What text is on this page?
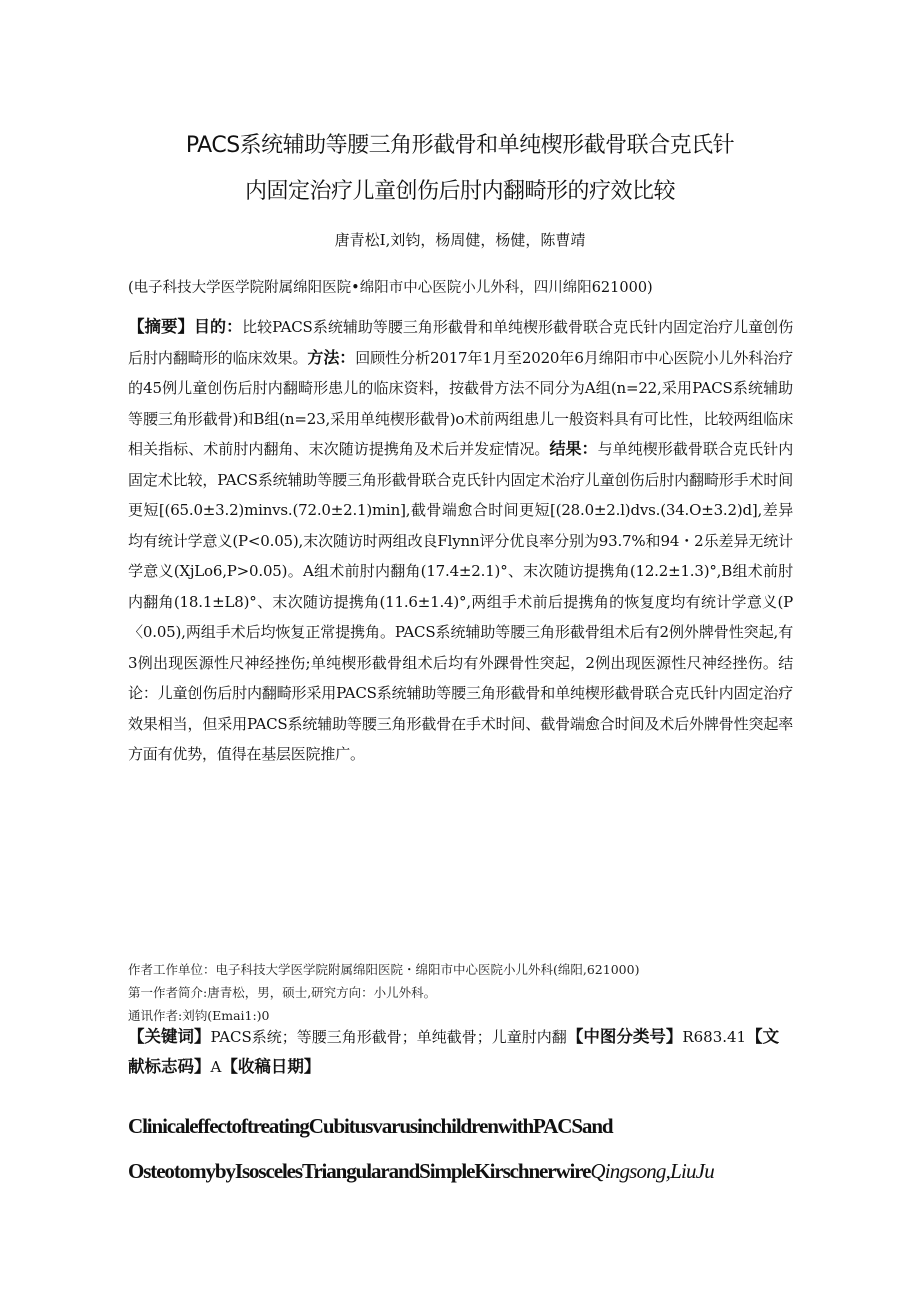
PACS系统辅助等腰三角形截骨和单纯楔形截骨联合克氏针
内固定治疗儿童创伤后肘内翻畸形的疗效比较
唐青松I,刘钧，杨周健，杨健，陈曹靖
(电子科技大学医学院附属绵阳医院•绵阳市中心医院小儿外科，四川绵阳621000)
【摘要】目的：比较PACS系统辅助等腰三角形截骨和单纯楔形截骨联合克氏针内固定治疗儿童创伤后肘内翻畸形的临床效果。方法：回顾性分析2017年1月至2020年6月绵阳市中心医院小儿外科治疗的45例儿童创伤后肘内翻畸形患儿的临床资料，按截骨方法不同分为A组(n=22,采用PACS系统辅助等腰三角形截骨)和B组(n=23,采用单纯楔形截骨)o术前两组患儿一般资料具有可比性，比较两组临床相关指标、术前肘内翻角、末次随访提携角及术后并发症情况。结果：与单纯楔形截骨联合克氏针内固定术比较，PACS系统辅助等腰三角形截骨联合克氏针内固定术治疗儿童创伤后肘内翻畸形手术时间更短[(65.0±3.2)minvs.(72.0±2.1)min],截骨端愈合时间更短[(28.0±2.l)dvs.(34.O±3.2)d],差异均有统计学意义(P<0.05),末次随访时两组改良Flynn评分优良率分别为93.7%和94・2乐差异无统计学意义(XjLo6,P>0.05)。A组术前肘内翻角(17.4±2.1)°、末次随访提携角(12.2±1.3)°,B组术前肘内翻角(18.1±L8)°、末次随访提携角(11.6±1.4)°,两组手术前后提携角的恢复度均有统计学意义(P〈0.05),两组手术后均恢复正常提携角。PACS系统辅助等腰三角形截骨组术后有2例外牌骨性突起,有3例出现医源性尺神经挫伤;单纯楔形截骨组术后均有外踝骨性突起，2例出现医源性尺神经挫伤。结论：儿童创伤后肘内翻畸形采用PACS系统辅助等腰三角形截骨和单纯楔形截骨联合克氏针内固定治疗效果相当，但采用PACS系统辅助等腰三角形截骨在手术时间、截骨端愈合时间及术后外牌骨性突起率方面有优势，值得在基层医院推广。
作者工作单位：电子科技大学医学院附属绵阳医院・绵阳市中心医院小儿外科(绵阳,621000)
第一作者简介:唐青松，男，硕士,研究方向：小儿外科。
通讯作者:刘钧(Emai1:)0
【关键词】PACS系统；等腰三角形截骨；单纯截骨；儿童肘内翻【中图分类号】R683.41【文献标志码】A【收稿日期】
ClinicaleffectoftreatingCubitusvarusinchildrenwithPACSand
OsteotomybyIsoscelesTriangularandSimpleKirschnerwireQingsong,LiuJu
